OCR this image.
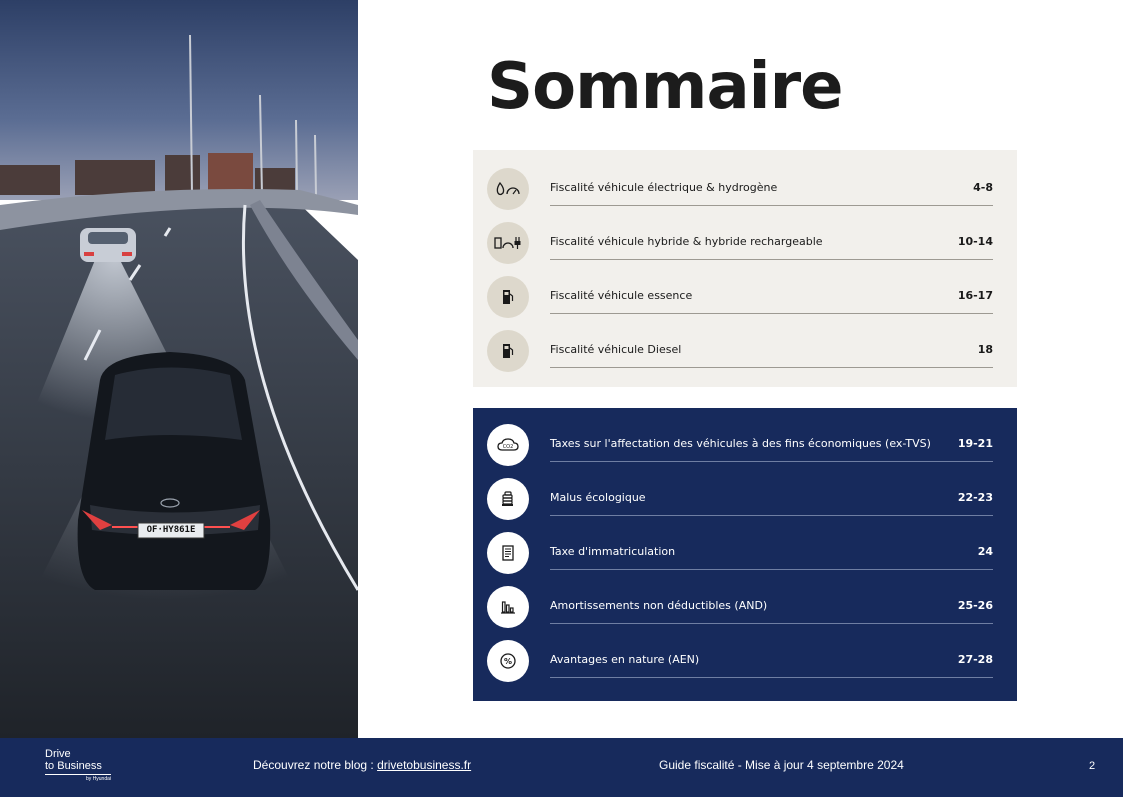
OF·HY861E
Sommaire
Fiscalité véhicule électrique & hydrogène	4-8
Fiscalité véhicule hybride & hybride rechargeable	10-14
Fiscalité véhicule essence	16-17
Fiscalité véhicule Diesel	18
CO2	Taxes sur l'affectation des véhicules à des fins économiques (ex-TVS) 19-21
Malus écologique	22-23
Taxe d'immatriculation	24
Amortissements non déductibles (AND)	25-26
%	Avantages en nature (AEN)	27-28
Drive
to Business
by Hyundai
Découvrez notre blog : drivetobusiness.fr	Guide fiscalité - Mise à jour 4 septembre 2024	2
